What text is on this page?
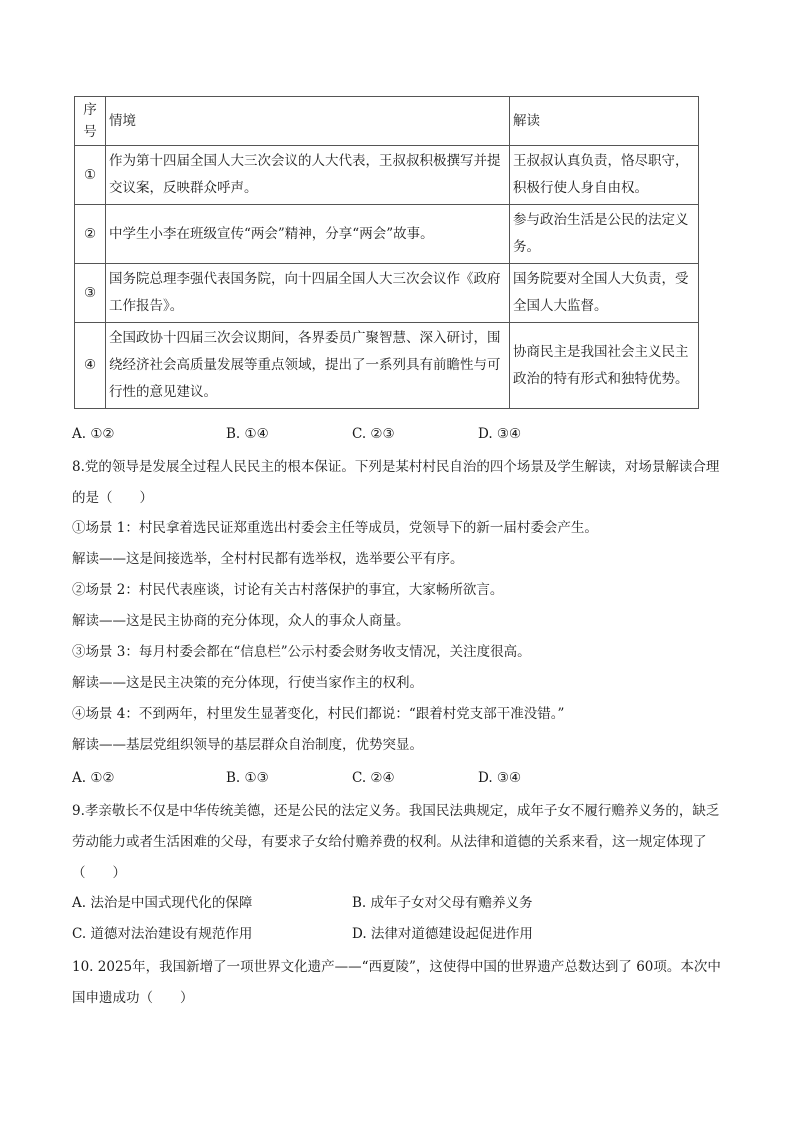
序号	情境	解读
①	作为第十四届全国人大三次会议的人大代表，王叔叔积极撰写并提交议案，反映群众呼声。	王叔叔认真负责，恪尽职守，积极行使人身自由权。
②	中学生小李在班级宣传“两会”精神，分享“两会”故事。	参与政治生活是公民的法定义务。
③	国务院总理李强代表国务院，向十四届全国人大三次会议作《政府工作报告》。	国务院要对全国人大负责，受全国人大监督。
④	全国政协十四届三次会议期间，各界委员广聚智慧、深入研讨，围绕经济社会高质量发展等重点领域，提出了一系列具有前瞻性与可行性的意见建议。	协商民主是我国社会主义民主政治的特有形式和独特优势。
A. ①②	B. ①④	C. ②③	D. ③④
8.党的领导是发展全过程人民民主的根本保证。下列是某村村民自治的四个场景及学生解读，对场景解读合理的是（　　）
①场景 1：村民拿着选民证郑重选出村委会主任等成员，党领导下的新一届村委会产生。
解读——这是间接选举，全村村民都有选举权，选举要公平有序。
②场景 2：村民代表座谈，讨论有关古村落保护的事宜，大家畅所欲言。
解读——这是民主协商的充分体现，众人的事众人商量。
③场景 3：每月村委会都在“信息栏”公示村委会财务收支情况，关注度很高。
解读——这是民主决策的充分体现，行使当家作主的权利。
④场景 4：不到两年，村里发生显著变化，村民们都说：“跟着村党支部干准没错。”
解读——基层党组织领导的基层群众自治制度，优势突显。
A. ①②	B. ①③	C. ②④	D. ③④
9.孝亲敬长不仅是中华传统美德，还是公民的法定义务。我国民法典规定，成年子女不履行赡养义务的，缺乏劳动能力或者生活困难的父母，有要求子女给付赡养费的权利。从法律和道德的关系来看，这一规定体现了（　　）
A. 法治是中国式现代化的保障	B. 成年子女对父母有赡养义务
C. 道德对法治建设有规范作用	D. 法律对道德建设起促进作用
10. 2025年，我国新增了一项世界文化遗产——“西夏陵”，这使得中国的世界遗产总数达到了 60项。本次中国申遗成功（　　）
